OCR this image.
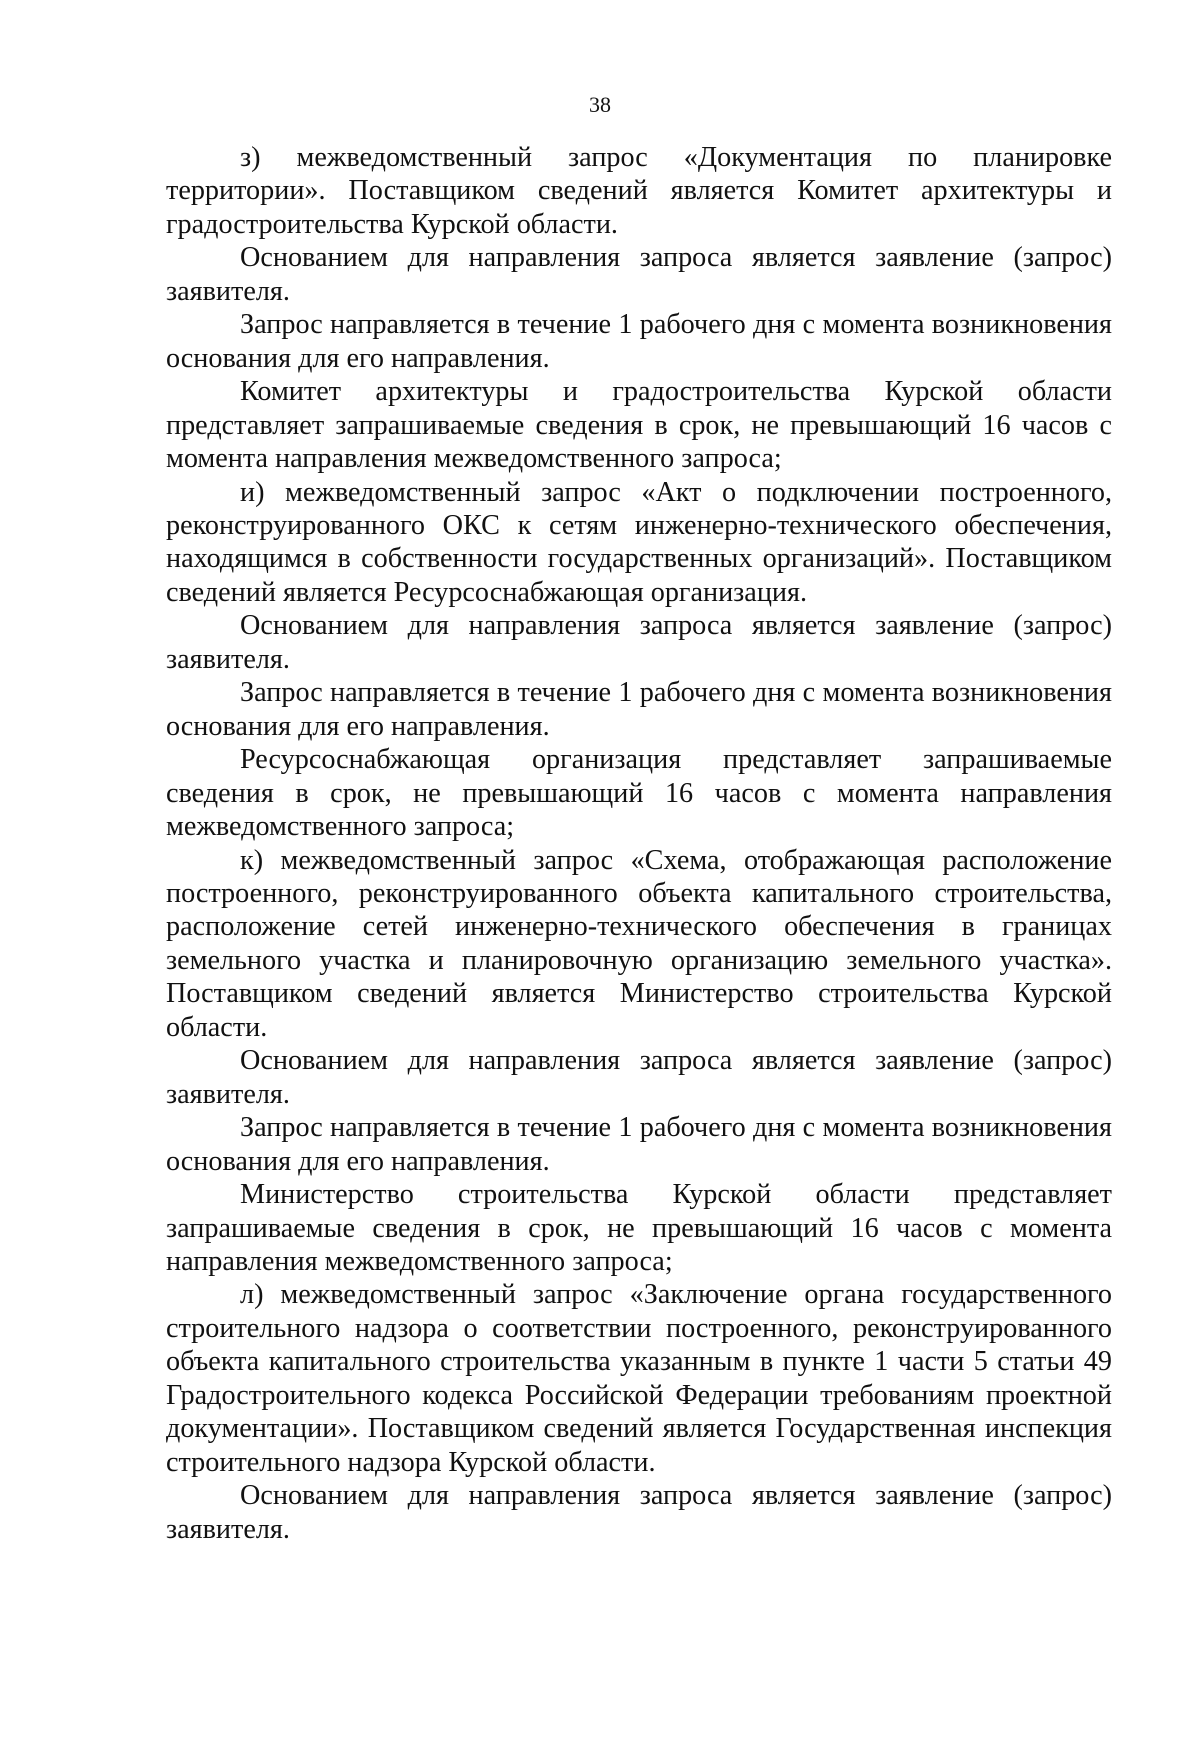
38

з) межведомственный запрос «Документация по планировке территории». Поставщиком сведений является Комитет архитектуры и градостроительства Курской области.

Основанием для направления запроса является заявление (запрос) заявителя.

Запрос направляется в течение 1 рабочего дня с момента возникновения основания для его направления.

Комитет архитектуры и градостроительства Курской области представляет запрашиваемые сведения в срок, не превышающий 16 часов с момента направления межведомственного запроса;

и) межведомственный запрос «Акт о подключении построенного, реконструированного ОКС к сетям инженерно-технического обеспечения, находящимся в собственности государственных организаций». Поставщиком сведений является Ресурсоснабжающая организация.

Основанием для направления запроса является заявление (запрос) заявителя.

Запрос направляется в течение 1 рабочего дня с момента возникновения основания для его направления.

Ресурсоснабжающая организация представляет запрашиваемые сведения в срок, не превышающий 16 часов с момента направления межведомственного запроса;

к) межведомственный запрос «Схема, отображающая расположение построенного, реконструированного объекта капитального строительства, расположение сетей инженерно-технического обеспечения в границах земельного участка и планировочную организацию земельного участка». Поставщиком сведений является Министерство строительства Курской области.

Основанием для направления запроса является заявление (запрос) заявителя.

Запрос направляется в течение 1 рабочего дня с момента возникновения основания для его направления.

Министерство строительства Курской области представляет запрашиваемые сведения в срок, не превышающий 16 часов с момента направления межведомственного запроса;

л) межведомственный запрос «Заключение органа государственного строительного надзора о соответствии построенного, реконструированного объекта капитального строительства указанным в пункте 1 части 5 статьи 49 Градостроительного кодекса Российской Федерации требованиям проектной документации». Поставщиком сведений является Государственная инспекция строительного надзора Курской области.

Основанием для направления запроса является заявление (запрос) заявителя.
